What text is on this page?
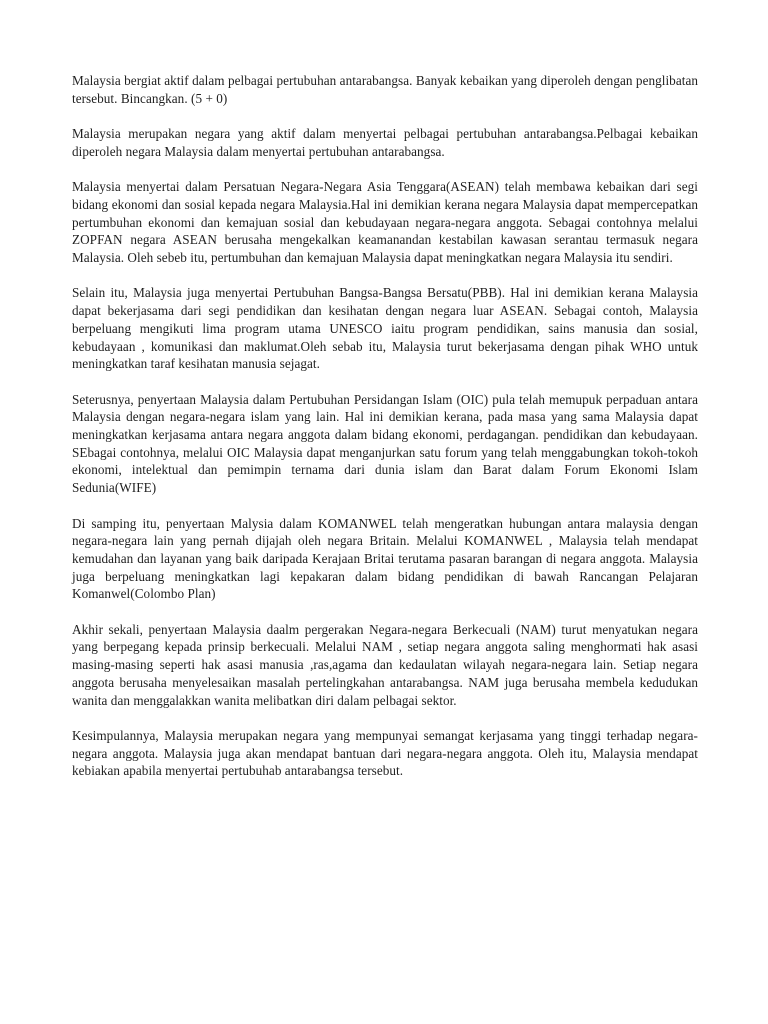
Malaysia bergiat aktif dalam pelbagai pertubuhan antarabangsa. Banyak kebaikan yang diperoleh dengan penglibatan tersebut. Bincangkan. (5 + 0)

Malaysia merupakan negara yang aktif dalam menyertai pelbagai pertubuhan antarabangsa.Pelbagai kebaikan diperoleh negara Malaysia dalam menyertai pertubuhan antarabangsa.

Malaysia menyertai dalam Persatuan Negara-Negara Asia Tenggara(ASEAN) telah membawa kebaikan dari segi bidang ekonomi dan sosial kepada negara Malaysia.Hal ini demikian kerana negara Malaysia dapat mempercepatkan pertumbuhan ekonomi dan kemajuan sosial dan kebudayaan negara-negara anggota. Sebagai contohnya melalui ZOPFAN negara ASEAN berusaha mengekalkan keamanandan kestabilan kawasan serantau termasuk negara Malaysia. Oleh sebeb itu, pertumbuhan dan kemajuan Malaysia dapat meningkatkan negara Malaysia itu sendiri.

Selain itu, Malaysia juga menyertai Pertubuhan Bangsa-Bangsa Bersatu(PBB). Hal ini demikian kerana Malaysia dapat bekerjasama dari segi pendidikan dan kesihatan dengan negara luar ASEAN. Sebagai contoh, Malaysia berpeluang mengikuti lima program utama UNESCO iaitu program pendidikan, sains manusia dan sosial, kebudayaan , komunikasi dan maklumat.Oleh sebab itu, Malaysia turut bekerjasama dengan pihak WHO untuk meningkatkan taraf kesihatan manusia sejagat.

Seterusnya, penyertaan Malaysia dalam Pertubuhan Persidangan Islam (OIC) pula telah memupuk perpaduan antara Malaysia dengan negara-negara islam yang lain. Hal ini demikian kerana, pada masa yang sama Malaysia dapat meningkatkan kerjasama antara negara anggota dalam bidang ekonomi, perdagangan. pendidikan dan kebudayaan. SEbagai contohnya, melalui OIC Malaysia dapat menganjurkan satu forum yang telah menggabungkan tokoh-tokoh ekonomi, intelektual dan pemimpin ternama dari dunia islam dan Barat dalam Forum Ekonomi Islam Sedunia(WIFE)

Di samping itu, penyertaan Malysia dalam KOMANWEL telah mengeratkan hubungan antara malaysia dengan negara-negara lain yang pernah dijajah oleh negara Britain. Melalui KOMANWEL , Malaysia telah mendapat kemudahan dan layanan yang baik daripada Kerajaan Britai terutama pasaran barangan di negara anggota. Malaysia juga berpeluang meningkatkan lagi kepakaran dalam bidang pendidikan di bawah Rancangan Pelajaran Komanwel(Colombo Plan)

Akhir sekali, penyertaan Malaysia daalm pergerakan Negara-negara Berkecuali (NAM) turut menyatukan negara yang berpegang kepada prinsip berkecuali. Melalui NAM , setiap negara anggota saling menghormati hak asasi masing-masing seperti hak asasi manusia ,ras,agama dan kedaulatan wilayah negara-negara lain. Setiap negara anggota berusaha menyelesaikan masalah pertelingkahan antarabangsa. NAM juga berusaha membela kedudukan wanita dan menggalakkan wanita melibatkan diri dalam pelbagai sektor.

Kesimpulannya, Malaysia merupakan negara yang mempunyai semangat kerjasama yang tinggi terhadap negara-negara anggota. Malaysia juga akan mendapat bantuan dari negara-negara anggota. Oleh itu, Malaysia mendapat kebiakan apabila menyertai pertubuhab antarabangsa tersebut.
